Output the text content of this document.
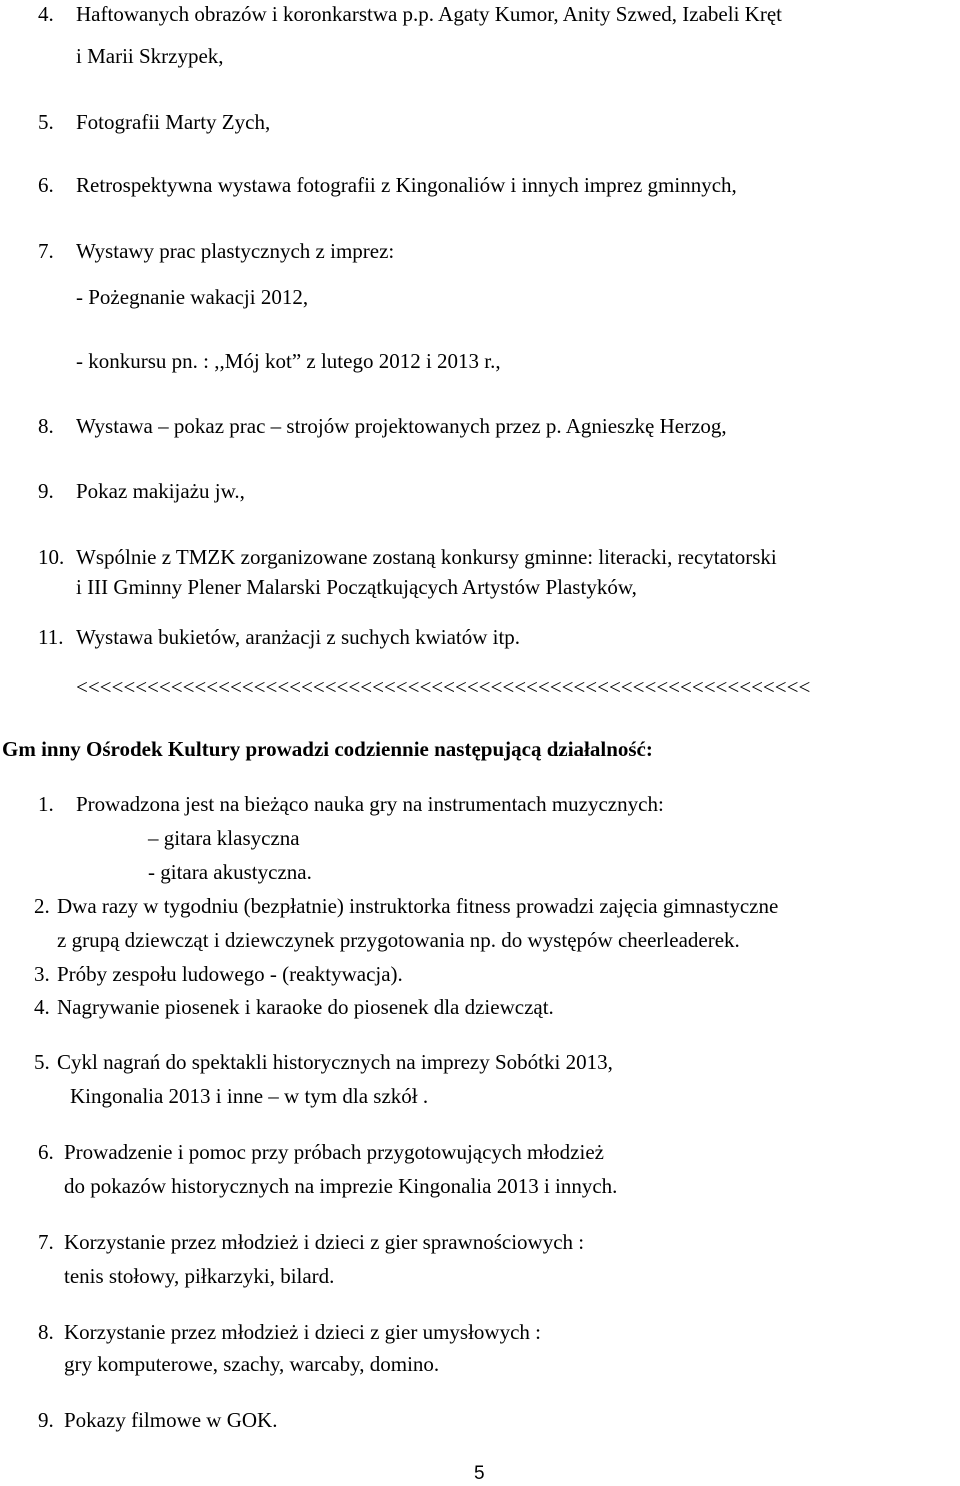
4. Haftowanych obrazów i koronkarstwa p.p. Agaty Kumor, Anity Szwed, Izabeli Kręt
i Marii Skrzypek,
5. Fotografii Marty Zych,
6. Retrospektywna wystawa fotografii z Kingonaliów i innych imprez gminnych,
7. Wystawy prac plastycznych z imprez:
- Pożegnanie wakacji 2012,
- konkursu pn. : ,,Mój kot” z lutego 2012 i 2013 r.,
8. Wystawa – pokaz prac – strojów projektowanych przez p. Agnieszkę Herzog,
9. Pokaz makijażu jw.,
10. Wspólnie z TMZK zorganizowane zostaną konkursy gminne: literacki, recytatorski
i III Gminny Plener Malarski Początkujących Artystów Plastyków,
11. Wystawa bukietów, aranżacji z suchych kwiatów itp.
<<<<<<<<<<<<<<<<<<<<<<<<<<<<<<<<<<<<<<<<<<<<<<<<<<<<<<<<<<<<<<
Gm inny Ośrodek Kultury prowadzi codziennie następującą działalność:
1. Prowadzona jest na bieżąco nauka gry na instrumentach muzycznych:
– gitara klasyczna
- gitara akustyczna.
2. Dwa razy w tygodniu (bezpłatnie) instruktorka fitness prowadzi zajęcia gimnastyczne
z grupą dziewcząt i dziewczynek przygotowania np. do występów cheerleaderek.
3. Próby zespołu ludowego - (reaktywacja).
4. Nagrywanie piosenek i karaoke do piosenek dla dziewcząt.
5. Cykl nagrań do spektakli historycznych na imprezy Sobótki 2013,
Kingonalia 2013 i inne – w tym dla szkół .
6. Prowadzenie i pomoc przy próbach przygotowujących młodzież
do pokazów historycznych na imprezie Kingonalia 2013 i innych.
7. Korzystanie przez młodzież i dzieci z gier sprawnościowych :
tenis stołowy, piłkarzyki, bilard.
8. Korzystanie przez młodzież i dzieci z gier umysłowych :
gry komputerowe, szachy, warcaby, domino.
9. Pokazy filmowe w GOK.
5
